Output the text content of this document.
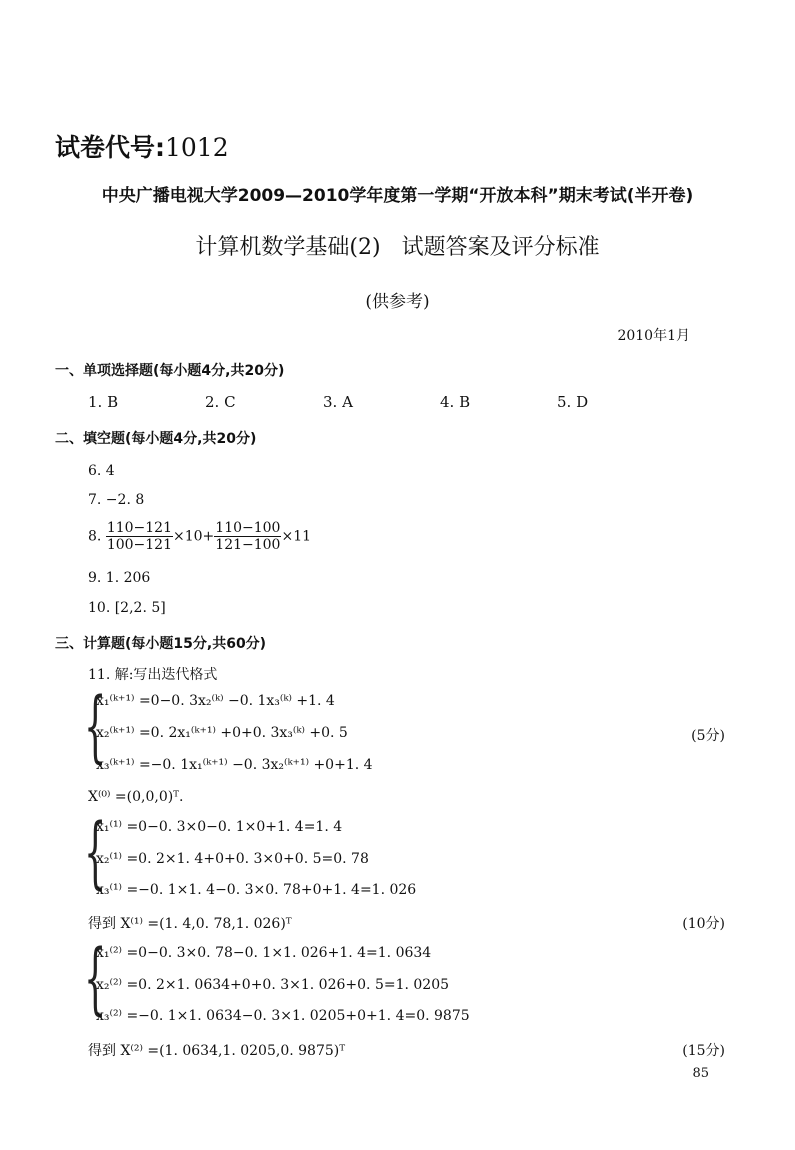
试卷代号:1012
中央广播电视大学2009—2010学年度第一学期“开放本科”期末考试(半开卷)
计算机数学基础(2)   试题答案及评分标准
(供参考)
2010年1月
一、单项选择题(每小题4分,共20分)
1. B	2. C	3. A	4. B	5. D
二、填空题(每小题4分,共20分)
6. 4
7. −2. 8
8. $\frac{110-121}{100-121} \times 10+ \frac{110-100}{121-100} \times 11$
9. 1. 206
10. [2,2. 5]
三、计算题(每小题15分,共60分)
11. 解:写出迭代格式
{
x₁⁽ᵏ⁺¹⁾ =0−0. 3x₂⁽ᵏ⁾ −0. 1x₃⁽ᵏ⁾ +1. 4
x₂⁽ᵏ⁺¹⁾ =0. 2x₁⁽ᵏ⁺¹⁾ +0+0. 3x₃⁽ᵏ⁾ +0. 5
x₃⁽ᵏ⁺¹⁾ =−0. 1x₁⁽ᵏ⁺¹⁾ −0. 3x₂⁽ᵏ⁺¹⁾ +0+1. 4
(5分)
X⁽⁰⁾ =(0,0,0)ᵀ.
{
x₁⁽¹⁾ =0−0. 3×0−0. 1×0+1. 4=1. 4
x₂⁽¹⁾ =0. 2×1. 4+0+0. 3×0+0. 5=0. 78
x₃⁽¹⁾ =−0. 1×1. 4−0. 3×0. 78+0+1. 4=1. 026
得到 X⁽¹⁾ =(1. 4,0. 78,1. 026)ᵀ	(10分)
{
x₁⁽²⁾ =0−0. 3×0. 78−0. 1×1. 026+1. 4=1. 0634
x₂⁽²⁾ =0. 2×1. 0634+0+0. 3×1. 026+0. 5=1. 0205
x₃⁽²⁾ =−0. 1×1. 0634−0. 3×1. 0205+0+1. 4=0. 9875
得到 X⁽²⁾ =(1. 0634,1. 0205,0. 9875)ᵀ	(15分)
85
